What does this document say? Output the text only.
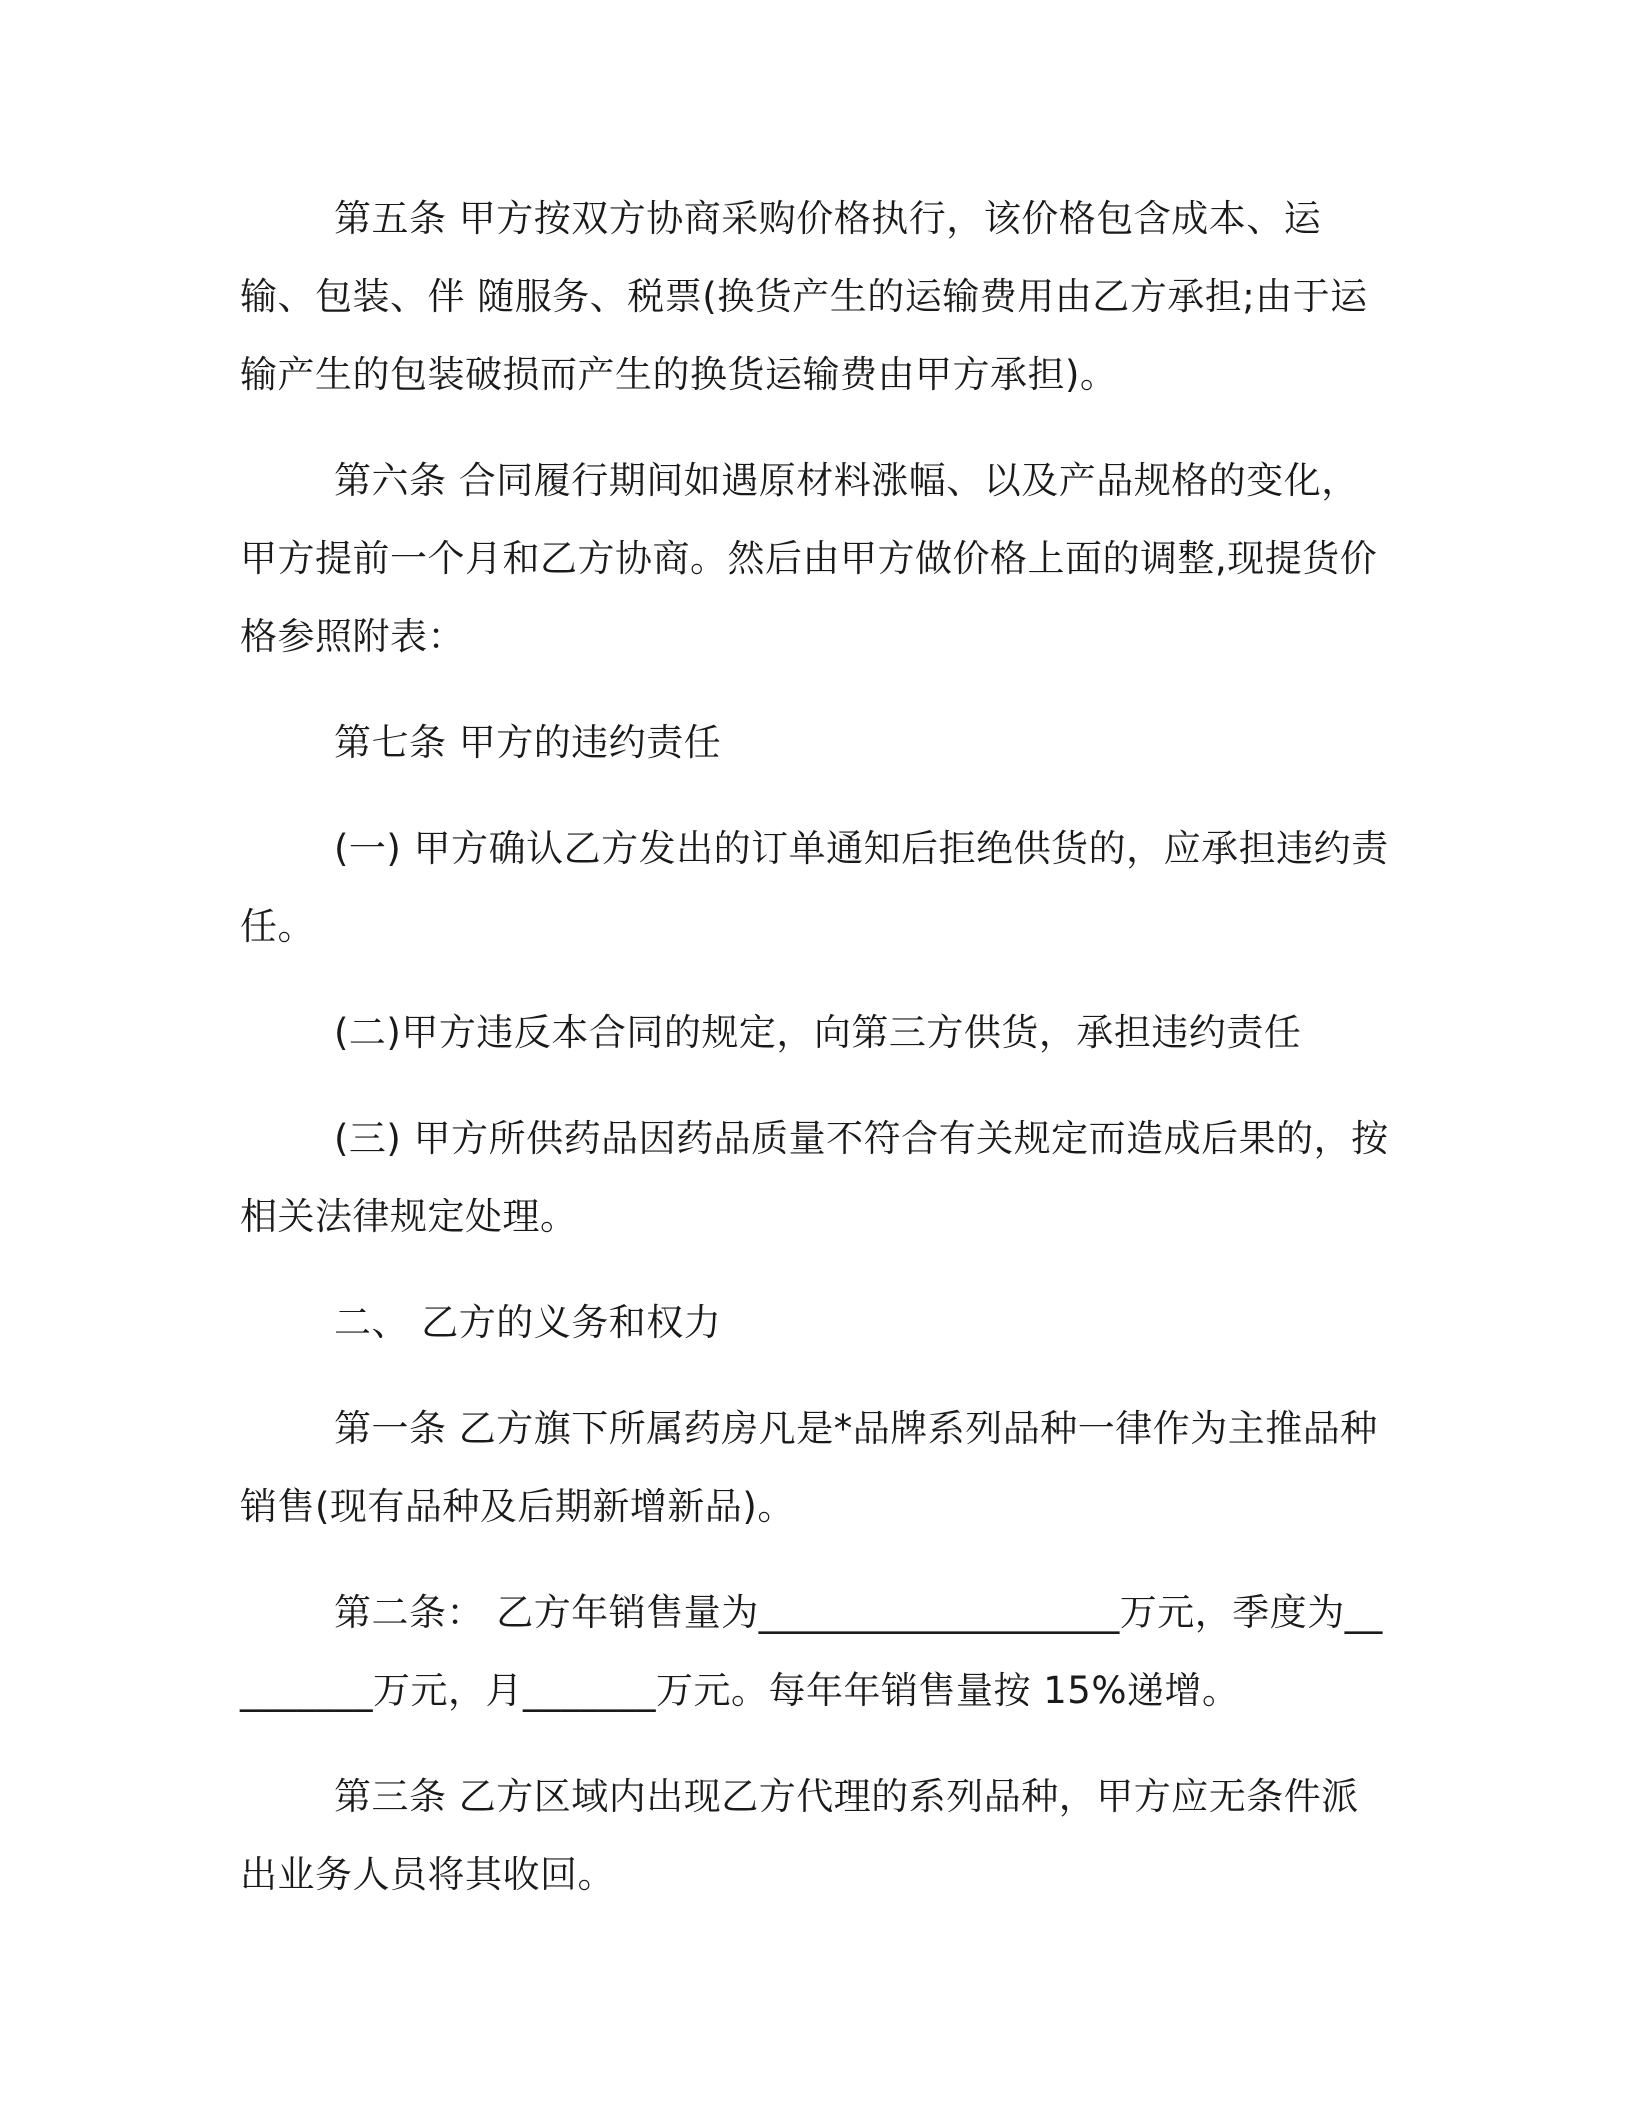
第五条 甲方按双方协商采购价格执行，该价格包含成本、运输、包装、伴 随服务、税票(换货产生的运输费用由乙方承担;由于运输产生的包装破损而产生的换货运输费由甲方承担)。

第六条 合同履行期间如遇原材料涨幅、以及产品规格的变化，甲方提前一个月和乙方协商。然后由甲方做价格上面的调整,现提货价格参照附表：

第七条 甲方的违约责任

(一) 甲方确认乙方发出的订单通知后拒绝供货的，应承担违约责任。

(二)甲方违反本合同的规定，向第三方供货，承担违约责任

(三) 甲方所供药品因药品质量不符合有关规定而造成后果的，按相关法律规定处理。

二、 乙方的义务和权力

第一条 乙方旗下所属药房凡是*品牌系列品种一律作为主推品种销售(现有品种及后期新增新品)。

第二条： 乙方年销售量为___________________万元，季度为_________万元，月_______万元。每年年销售量按 15%递增。

第三条 乙方区域内出现乙方代理的系列品种，甲方应无条件派出业务人员将其收回。
